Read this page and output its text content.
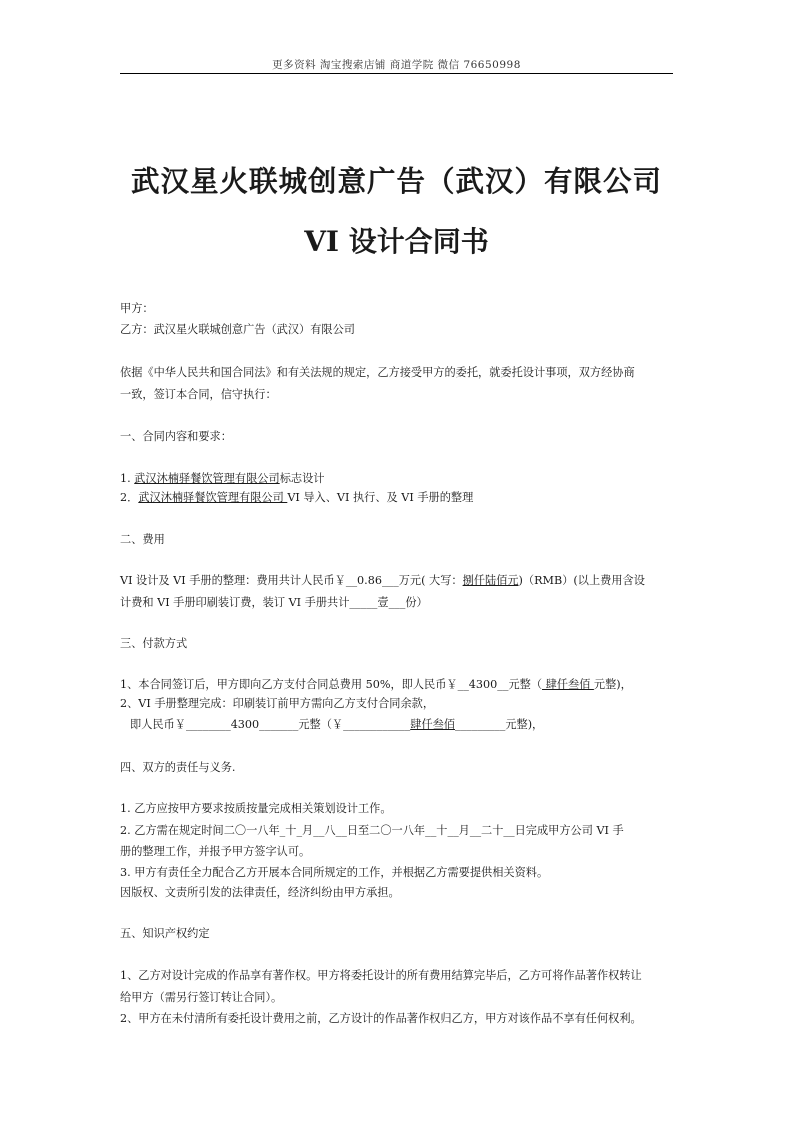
更多资料 淘宝搜索店铺 商道学院 微信 76650998
武汉星火联城创意广告（武汉）有限公司
VI 设计合同书
甲方：
乙方：武汉星火联城创意广告（武汉）有限公司
依据《中华人民共和国合同法》和有关法规的规定，乙方接受甲方的委托，就委托设计事项，双方经协商
一致，签订本合同，信守执行：
一、合同内容和要求：
1. 武汉沐楠驿餐饮管理有限公司标志设计
2．武汉沐楠驿餐饮管理有限公司 VI 导入、VI 执行、及 VI 手册的整理
二、费用
VI 设计及 VI 手册的整理：费用共计人民币￥__0.86___万元( 大写：捌仟陆佰元)（RMB）(以上费用含设
计费和 VI 手册印刷装订费，装订 VI 手册共计_____壹___份）
三、付款方式
1、本合同签订后，甲方即向乙方支付合同总费用 50%，即人民币￥__4300__元整（ 肆仟叁佰 元整)，
2、VI 手册整理完成：印刷装订前甲方需向乙方支付合同余款，
即人民币￥________4300_______元整（￥____________肆仟叁佰_________元整)，
四、双方的责任与义务.
1. 乙方应按甲方要求按质按量完成相关策划设计工作。
2. 乙方需在规定时间二〇一八年_十_月__八__日至二〇一八年__十__月__二十__日完成甲方公司 VI 手
册的整理工作，并报予甲方签字认可。
3. 甲方有责任全力配合乙方开展本合同所规定的工作，并根据乙方需要提供相关资料。
因版权、文责所引发的法律责任，经济纠纷由甲方承担。
五、知识产权约定
1、乙方对设计完成的作品享有著作权。甲方将委托设计的所有费用结算完毕后，乙方可将作品著作权转让
给甲方（需另行签订转让合同）。
2、甲方在未付清所有委托设计费用之前，乙方设计的作品著作权归乙方，甲方对该作品不享有任何权利。
